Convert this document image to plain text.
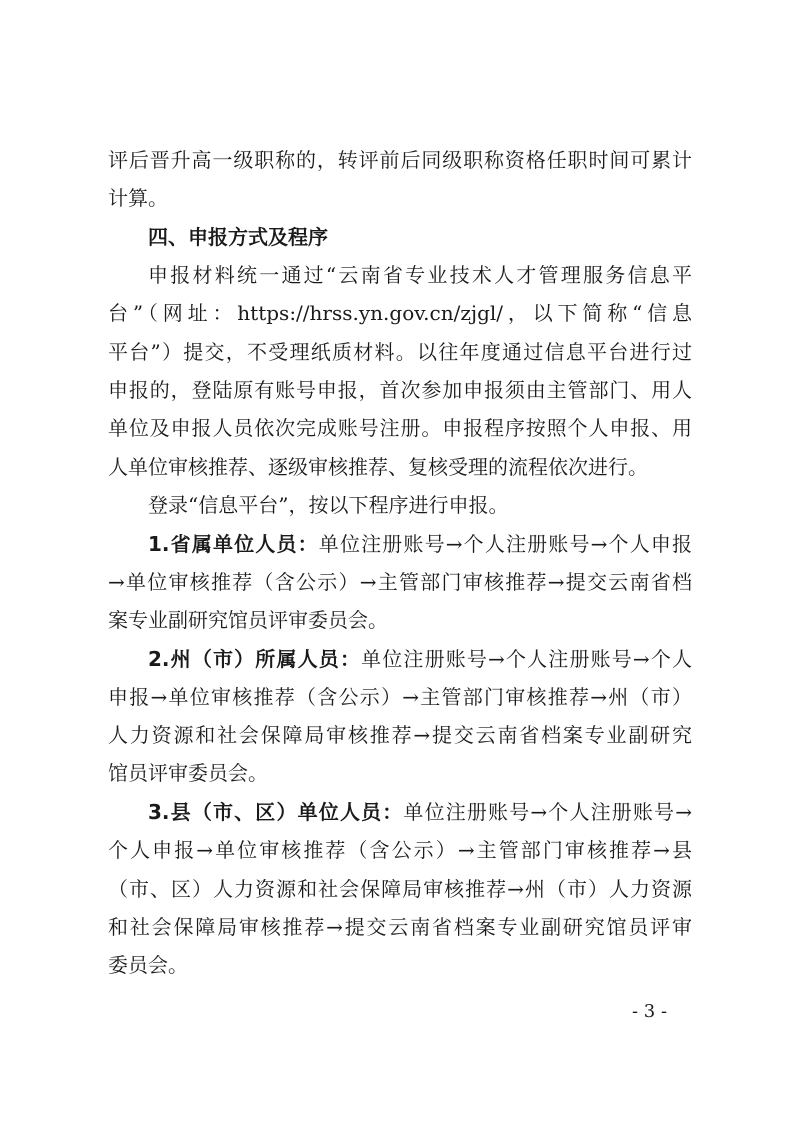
评后晋升高一级职称的，转评前后同级职称资格任职时间可累计
计算。
四、申报方式及程序
申报材料统一通过“云南省专业技术人才管理服务信息平
台”（网址：https://hrss.yn.gov.cn/zjgl/，以下简称“信息
平台”）提交，不受理纸质材料。以往年度通过信息平台进行过
申报的，登陆原有账号申报，首次参加申报须由主管部门、用人
单位及申报人员依次完成账号注册。申报程序按照个人申报、用
人单位审核推荐、逐级审核推荐、复核受理的流程依次进行。
登录“信息平台”，按以下程序进行申报。
1.省属单位人员：单位注册账号→个人注册账号→个人申报
→单位审核推荐（含公示）→主管部门审核推荐→提交云南省档
案专业副研究馆员评审委员会。
2.州（市）所属人员：单位注册账号→个人注册账号→个人
申报→单位审核推荐（含公示）→主管部门审核推荐→州（市）
人力资源和社会保障局审核推荐→提交云南省档案专业副研究
馆员评审委员会。
3.县（市、区）单位人员：单位注册账号→个人注册账号→
个人申报→单位审核推荐（含公示）→主管部门审核推荐→县
（市、区）人力资源和社会保障局审核推荐→州（市）人力资源
和社会保障局审核推荐→提交云南省档案专业副研究馆员评审
委员会。
- 3 -
